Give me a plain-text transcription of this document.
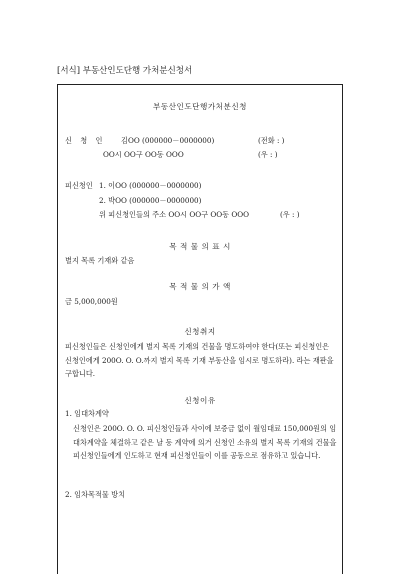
[서식] 부동산인도단행 가처분신청서
부동산인도단행가처분신청
신 청 인 김OO (000000－0000000)	(전화 : )
OO시 OO구 OO동 OOO	(우 : )
피신청인 1. 이OO (000000－0000000)
2. 박OO (000000－0000000)
위 피신청인들의 주소 OO시 OO구 OO동 OOO	(우 : )
목 적 물 의 표 시
별지 목록 기재와 같음
목 적 물 의 가 액
금 5,000,000원
신청취지
피신청인들은 신청인에게 별지 목록 기재의 건물을 명도하여야 한다(또는 피신청인은 신청인에게 200O. O. O.까지 별지 목록 기재 부동산을 임시로 명도하라). 라는 재판을 구합니다.
신청이유
1. 임대차계약
신청인은 200O. O. O. 피신청인들과 사이에 보증금 없이 월임대료 150,000원의 임대차계약을 체결하고 같은 날 동 계약에 의거 신청인 소유의 별지 목록 기재의 건물을 피신청인들에게 인도하고 현재 피신청인들이 이를 공동으로 점유하고 있습니다.
2. 임차목적물 방치
